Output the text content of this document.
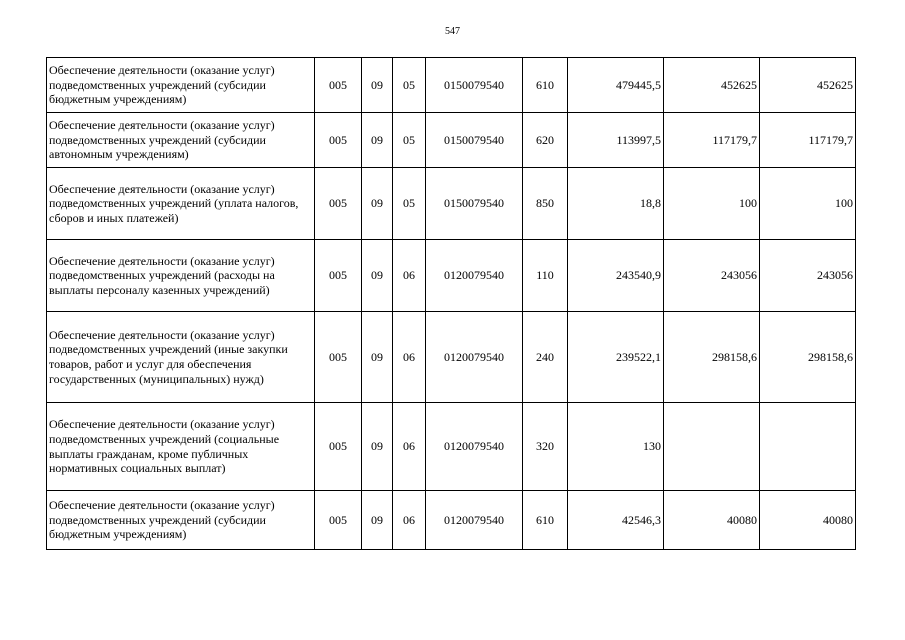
547
Обеспечение деятельности (оказание услуг) подведомственных учреждений (субсидии бюджетным учреждениям)	005	09	05	0150079540	610	479445,5	452625	452625
Обеспечение деятельности (оказание услуг) подведомственных учреждений (субсидии автономным учреждениям)	005	09	05	0150079540	620	113997,5	117179,7	117179,7
Обеспечение деятельности (оказание услуг) подведомственных учреждений (уплата налогов, сборов и иных платежей)	005	09	05	0150079540	850	18,8	100	100
Обеспечение деятельности (оказание услуг) подведомственных учреждений (расходы на выплаты персоналу казенных учреждений)	005	09	06	0120079540	110	243540,9	243056	243056
Обеспечение деятельности (оказание услуг) подведомственных учреждений (иные закупки товаров, работ и услуг для обеспечения государственных (муниципальных) нужд)	005	09	06	0120079540	240	239522,1	298158,6	298158,6
Обеспечение деятельности (оказание услуг) подведомственных учреждений (социальные выплаты гражданам, кроме публичных нормативных социальных выплат)	005	09	06	0120079540	320	130		
Обеспечение деятельности (оказание услуг) подведомственных учреждений (субсидии бюджетным учреждениям)	005	09	06	0120079540	610	42546,3	40080	40080
